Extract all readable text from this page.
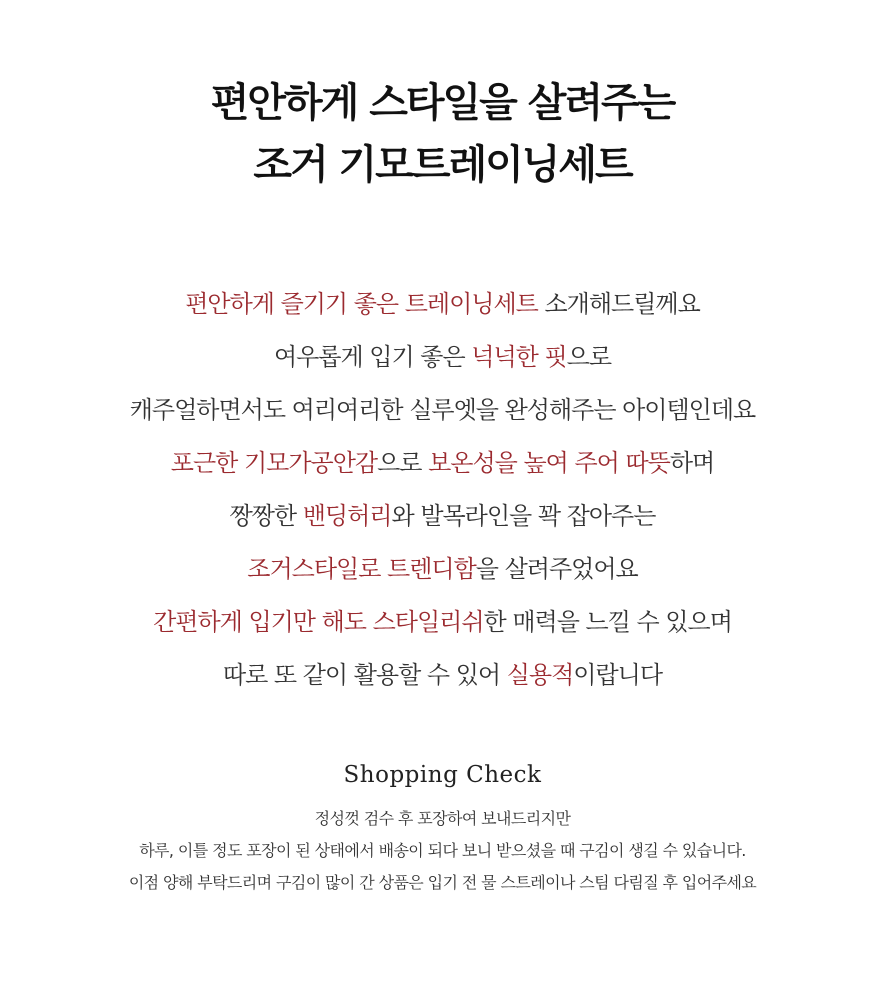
편안하게 스타일을 살려주는
조거 기모트레이닝세트
편안하게 즐기기 좋은 트레이닝세트 소개해드릴께요
여우롭게 입기 좋은 넉넉한 핏으로
캐주얼하면서도 여리여리한 실루엣을 완성해주는 아이템인데요
포근한 기모가공안감으로 보온성을 높여 주어 따뜻하며
짱짱한 밴딩허리와 발목라인을 꽉 잡아주는
조거스타일로 트렌디함을 살려주었어요
간편하게 입기만 해도 스타일리쉬한 매력을 느낄 수 있으며
따로 또 같이 활용할 수 있어 실용적이랍니다
Shopping Check
정성껏 검수 후 포장하여 보내드리지만
하루, 이틀 정도 포장이 된 상태에서 배송이 되다 보니 받으셨을 때 구김이 생길 수 있습니다.
이점 양해 부탁드리며 구김이 많이 간 상품은 입기 전 물 스트레이나 스팀 다림질 후 입어주세요
